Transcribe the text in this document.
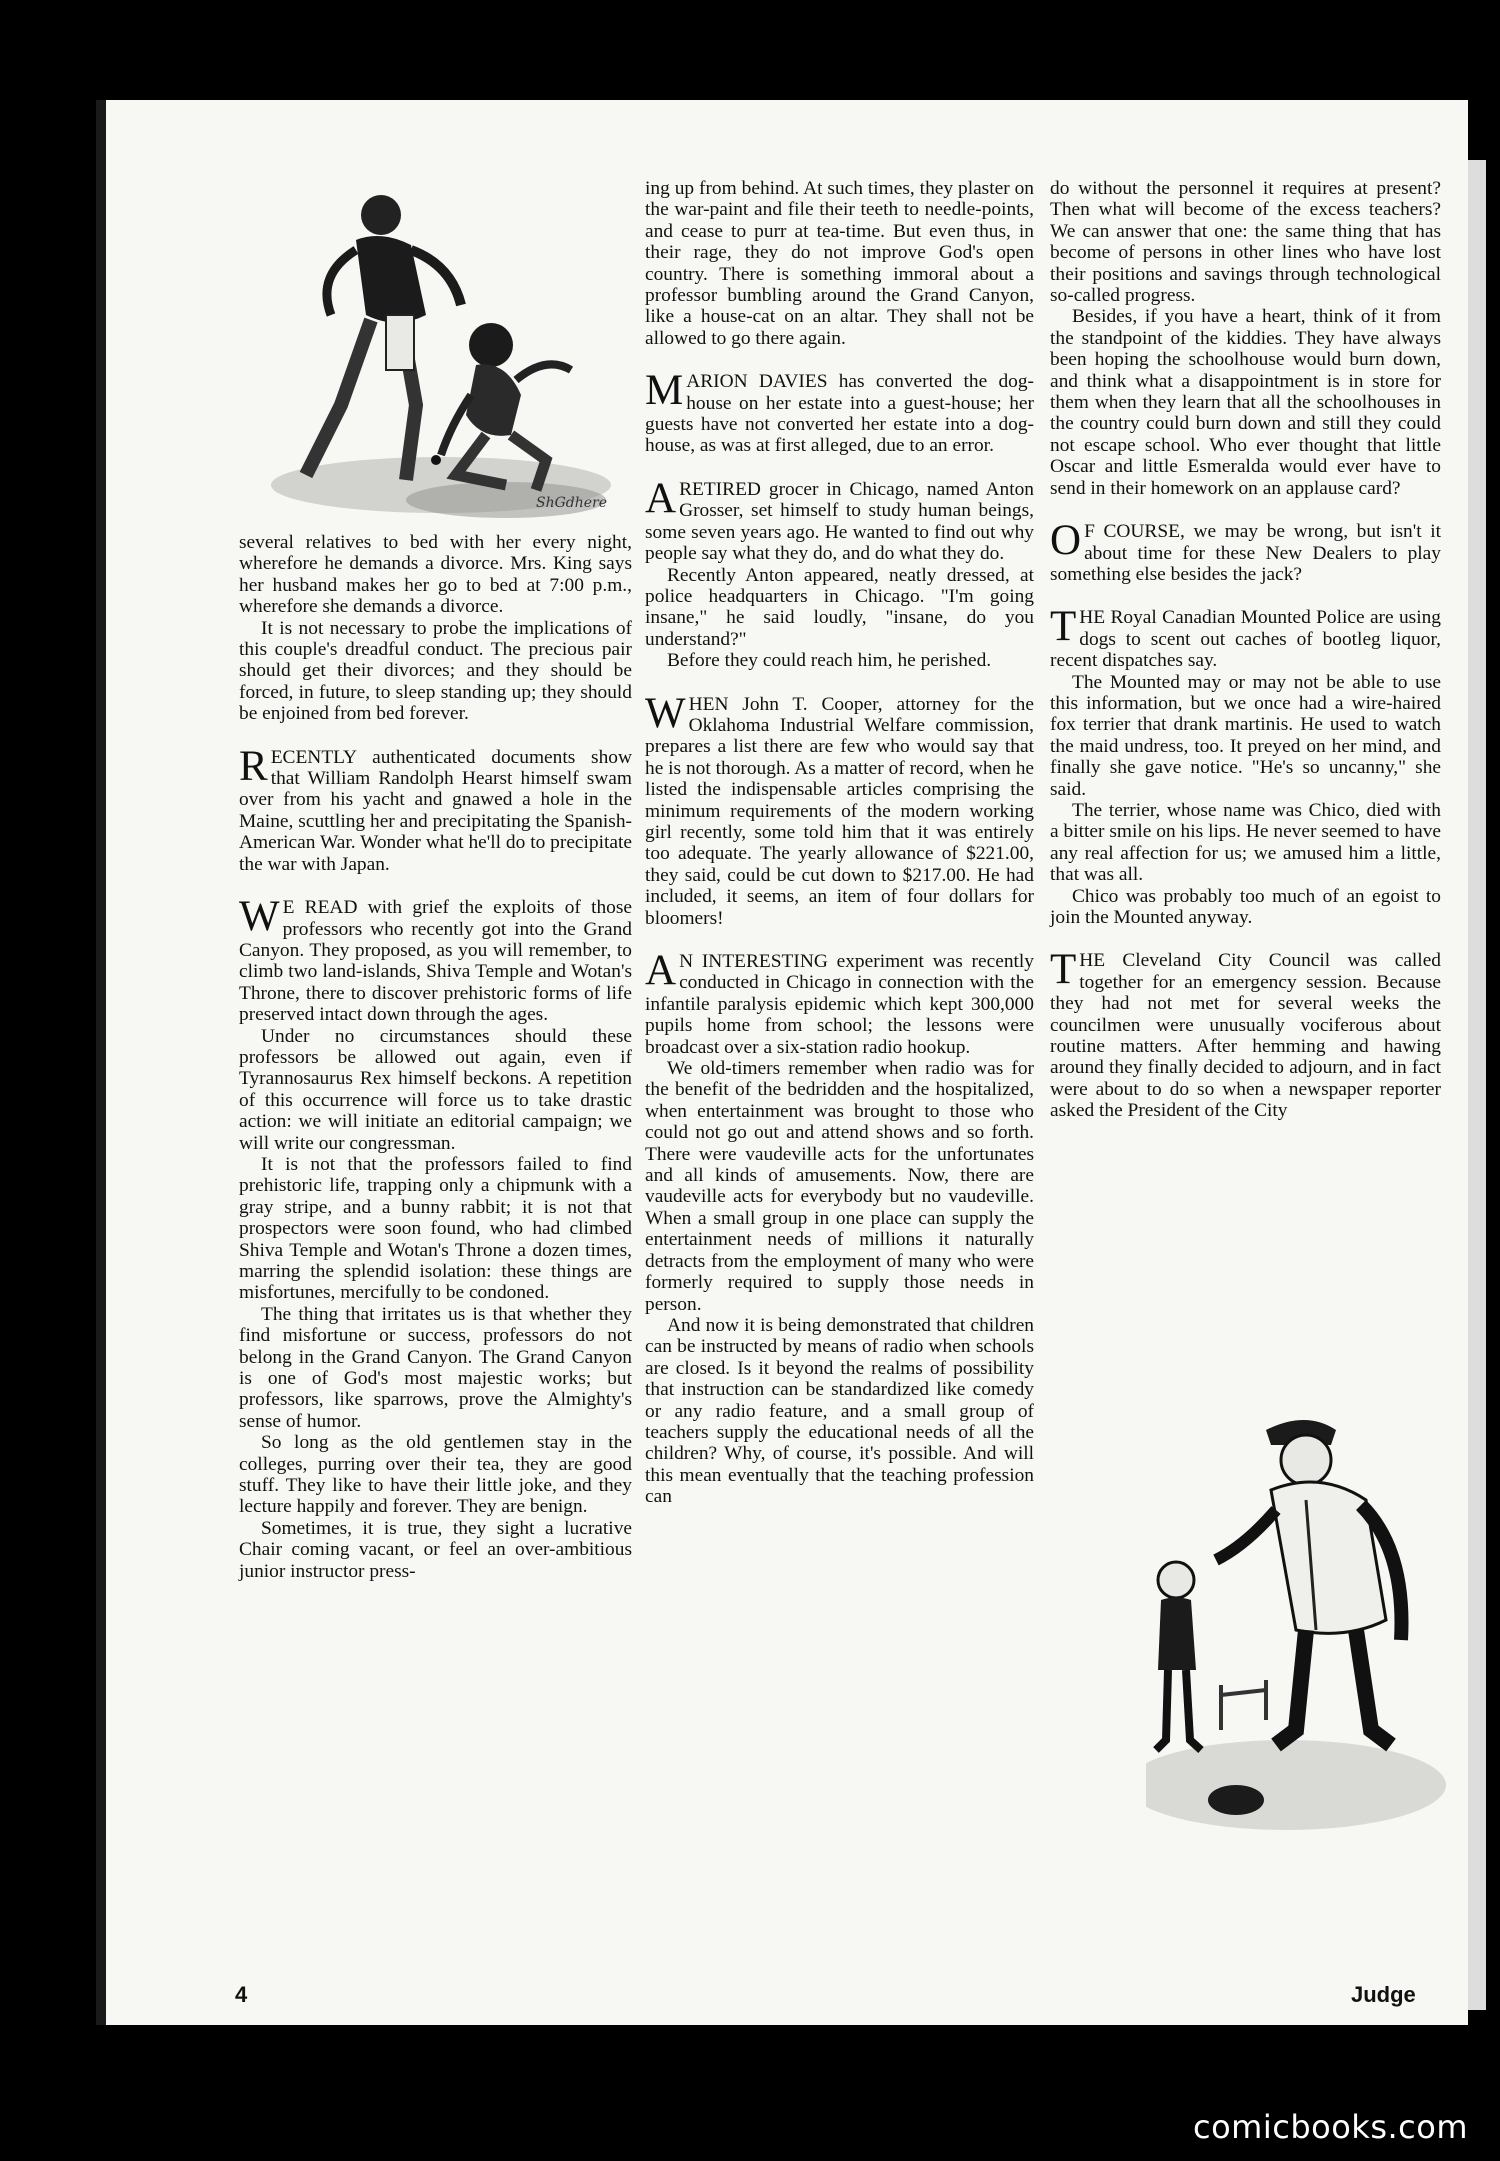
ShGdhere

several relatives to bed with her every night, wherefore he demands a divorce. Mrs. King says her husband makes her go to bed at 7:00 p.m., wherefore she demands a divorce.

It is not necessary to probe the implications of this couple's dreadful conduct. The precious pair should get their divorces; and they should be forced, in future, to sleep standing up; they should be enjoined from bed forever.

RECENTLY authenticated documents show that William Randolph Hearst himself swam over from his yacht and gnawed a hole in the Maine, scuttling her and precipitating the Spanish-American War. Wonder what he'll do to precipitate the war with Japan.

W E READ with grief the exploits of those professors who recently got into the Grand Canyon. They proposed, as you will remember, to climb two land-islands, Shiva Temple and Wotan's Throne, there to discover prehistoric forms of life preserved intact down through the ages.

Under no circumstances should these professors be allowed out again, even if Tyrannosaurus Rex himself beckons. A repetition of this occurrence will force us to take drastic action: we will initiate an editorial campaign; we will write our congressman.

It is not that the professors failed to find prehistoric life, trapping only a chipmunk with a gray stripe, and a bunny rabbit; it is not that prospectors were soon found, who had climbed Shiva Temple and Wotan's Throne a dozen times, marring the splendid isolation: these things are misfortunes, mercifully to be condoned.

The thing that irritates us is that whether they find misfortune or success, professors do not belong in the Grand Canyon. The Grand Canyon is one of God's most majestic works; but professors, like sparrows, prove the Almighty's sense of humor.

So long as the old gentlemen stay in the colleges, purring over their tea, they are good stuff. They like to have their little joke, and they lecture happily and forever. They are benign.

Sometimes, it is true, they sight a lucrative Chair coming vacant, or feel an over-ambitious junior instructor press-

ing up from behind. At such times, they plaster on the war-paint and file their teeth to needle-points, and cease to purr at tea-time. But even thus, in their rage, they do not improve God's open country. There is something immoral about a professor bumbling around the Grand Canyon, like a house-cat on an altar. They shall not be allowed to go there again.

MARION DAVIES has converted the dog-house on her estate into a guest-house; her guests have not converted her estate into a dog-house, as was at first alleged, due to an error.

ARETIRED grocer in Chicago, named Anton Grosser, set himself to study human beings, some seven years ago. He wanted to find out why people say what they do, and do what they do.

Recently Anton appeared, neatly dressed, at police headquarters in Chicago. "I'm going insane," he said loudly, "insane, do you understand?"

Before they could reach him, he perished.

WHEN John T. Cooper, attorney for the Oklahoma Industrial Welfare commission, prepares a list there are few who would say that he is not thorough. As a matter of record, when he listed the indispensable articles comprising the minimum requirements of the modern working girl recently, some told him that it was entirely too adequate. The yearly allowance of $221.00, they said, could be cut down to $217.00. He had included, it seems, an item of four dollars for bloomers!

A N INTERESTING experiment was recently conducted in Chicago in connection with the infantile paralysis epidemic which kept 300,000 pupils home from school; the lessons were broadcast over a six-station radio hookup.

We old-timers remember when radio was for the benefit of the bedridden and the hospitalized, when entertainment was brought to those who could not go out and attend shows and so forth. There were vaudeville acts for the unfortunates and all kinds of amusements. Now, there are vaudeville acts for everybody but no vaudeville. When a small group in one place can supply the entertainment needs of millions it naturally detracts from the employment of many who were formerly required to supply those needs in person.

And now it is being demonstrated that children can be instructed by means of radio when schools are closed. Is it beyond the realms of possibility that instruction can be standardized like comedy or any radio feature, and a small group of teachers supply the educational needs of all the children? Why, of course, it's possible. And will this mean eventually that the teaching profession can

do without the personnel it requires at present? Then what will become of the excess teachers? We can answer that one: the same thing that has become of persons in other lines who have lost their positions and savings through technological so-called progress.

Besides, if you have a heart, think of it from the standpoint of the kiddies. They have always been hoping the schoolhouse would burn down, and think what a disappointment is in store for them when they learn that all the schoolhouses in the country could burn down and still they could not escape school. Who ever thought that little Oscar and little Esmeralda would ever have to send in their homework on an applause card?

O F COURSE, we may be wrong, but isn't it about time for these New Dealers to play something else besides the jack?

THE Royal Canadian Mounted Police are using dogs to scent out caches of bootleg liquor, recent dispatches say.

The Mounted may or may not be able to use this information, but we once had a wire-haired fox terrier that drank martinis. He used to watch the maid undress, too. It preyed on her mind, and finally she gave notice. "He's so uncanny," she said.

The terrier, whose name was Chico, died with a bitter smile on his lips. He never seemed to have any real affection for us; we amused him a little, that was all.

Chico was probably too much of an egoist to join the Mounted anyway.

THE Cleveland City Council was called together for an emergency session. Because they had not met for several weeks the councilmen were unusually vociferous about routine matters. After hemming and hawing around they finally decided to adjourn, and in fact were about to do so when a newspaper reporter asked the President of the City

4	Judge
comicbooks.com
